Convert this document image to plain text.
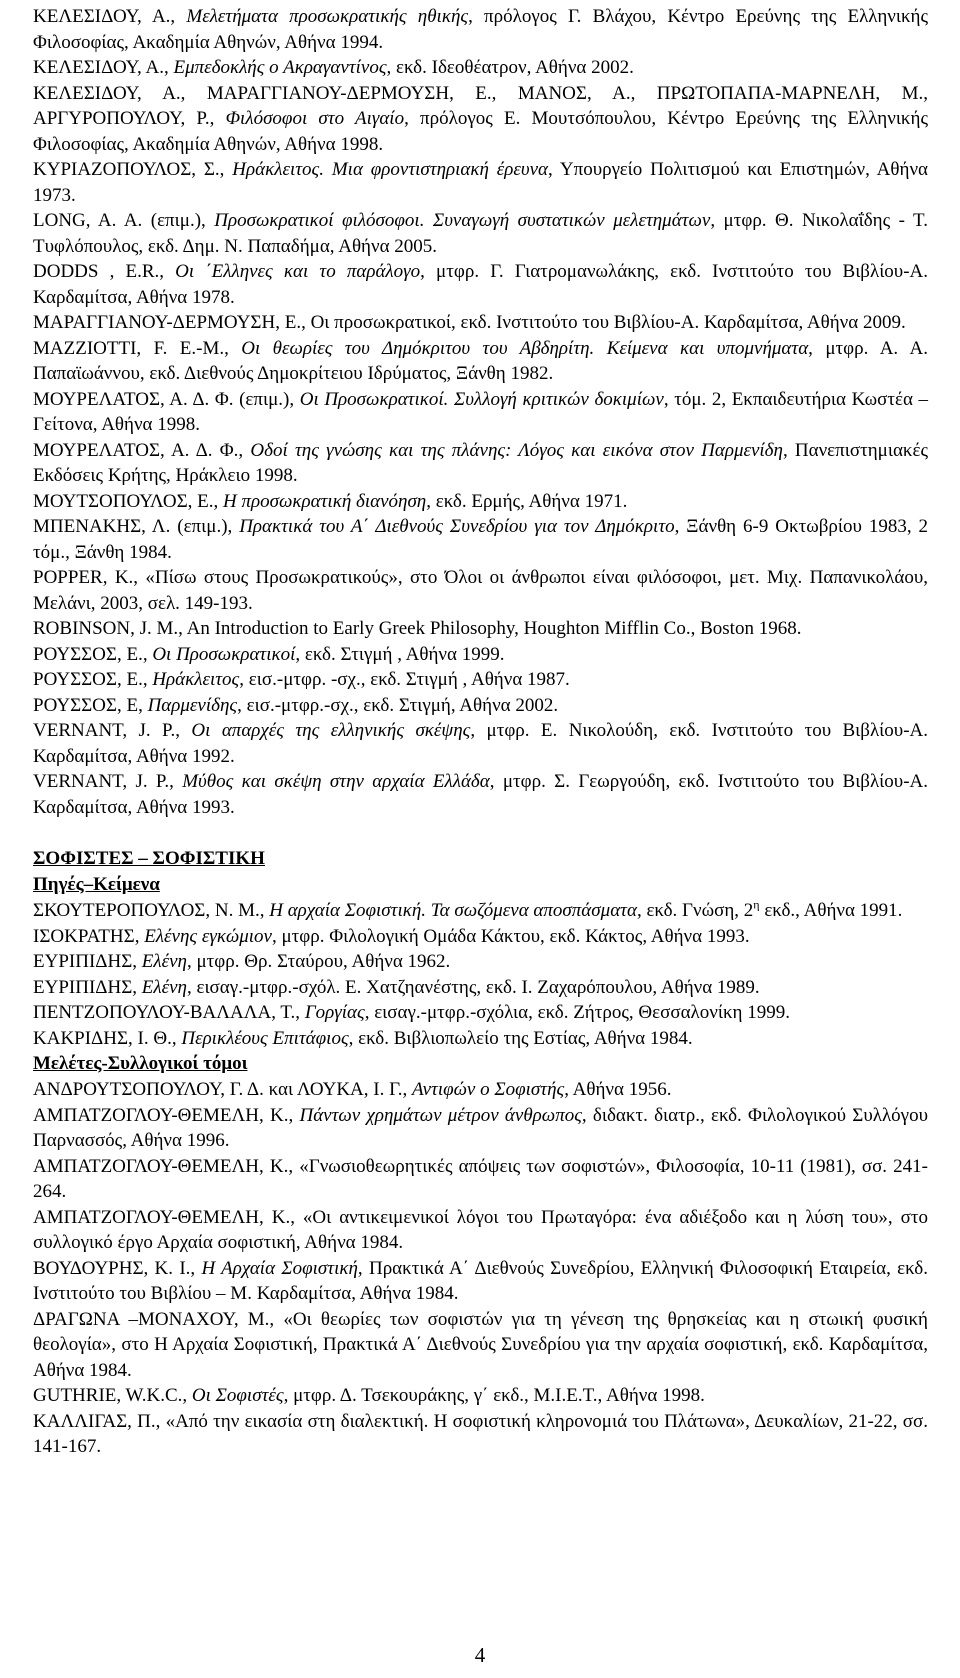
ΚΕΛΕΣΙΔΟΥ, Α., Μελετήματα προσωκρατικής ηθικής, πρόλογος Γ. Βλάχου, Κέντρο Ερεύνης της Ελληνικής Φιλοσοφίας, Ακαδημία Αθηνών, Αθήνα 1994.

ΚΕΛΕΣΙΔΟΥ, Α., Εμπεδοκλής ο Ακραγαντίνος, εκδ. Ιδεοθέατρον, Αθήνα 2002.

ΚΕΛΕΣΙΔΟΥ, Α., ΜΑΡΑΓΓΙΑΝΟΥ-ΔΕΡΜΟΥΣΗ, Ε., ΜΑΝΟΣ, Α., ΠΡΩΤΟΠΑΠΑ-ΜΑΡΝΕΛΗ, Μ., ΑΡΓΥΡΟΠΟΥΛΟΥ, Ρ., Φιλόσοφοι στο Αιγαίο, πρόλογος Ε. Μουτσόπουλου, Κέντρο Ερεύνης της Ελληνικής Φιλοσοφίας, Ακαδημία Αθηνών, Αθήνα 1998.

ΚΥΡΙΑΖΟΠΟΥΛΟΣ, Σ., Ηράκλειτος. Μια φροντιστηριακή έρευνα, Υπουργείο Πολιτισμού και Επιστημών, Αθήνα 1973.

LONG, A. A. (επιμ.), Προσωκρατικοί φιλόσοφοι. Συναγωγή συστατικών μελετημάτων, μτφρ. Θ. Νικολαΐδης - Τ. Τυφλόπουλος, εκδ. Δημ. Ν. Παπαδήμα, Αθήνα 2005.

DODDS , E.R., Οι ΄Ελληνες και το παράλογο, μτφρ. Γ. Γιατρομανωλάκης, εκδ. Ινστιτούτο του Βιβλίου-Α. Καρδαμίτσα, Αθήνα 1978.

ΜΑΡΑΓΓΙΑΝΟΥ-ΔΕΡΜΟΥΣΗ, Ε., Οι προσωκρατικοί, εκδ. Ινστιτούτο του Βιβλίου-Α. Καρδαμίτσα, Αθήνα 2009.

MAZZIOTTI, F. E.-M., Οι θεωρίες του Δημόκριτου του Αβδηρίτη. Κείμενα και υπομνήματα, μτφρ. Α. Α. Παπαϊωάννου, εκδ. Διεθνούς Δημοκρίτειου Ιδρύματος, Ξάνθη 1982.

ΜΟΥΡΕΛΑΤΟΣ, Α. Δ. Φ. (επιμ.), Οι Προσωκρατικοί. Συλλογή κριτικών δοκιμίων, τόμ. 2, Εκπαιδευτήρια Κωστέα – Γείτονα, Αθήνα 1998.

ΜΟΥΡΕΛΑΤΟΣ, Α. Δ. Φ., Οδοί της γνώσης και της πλάνης: Λόγος και εικόνα στον Παρμενίδη, Πανεπιστημιακές Εκδόσεις Κρήτης, Ηράκλειο 1998.

ΜΟΥΤΣΟΠΟΥΛΟΣ, Ε., Η προσωκρατική διανόηση, εκδ. Ερμής, Αθήνα 1971.

ΜΠΕΝΑΚΗΣ, Λ. (επιμ.), Πρακτικά του Α΄ Διεθνούς Συνεδρίου για τον Δημόκριτο, Ξάνθη 6-9 Οκτωβρίου 1983, 2 τόμ., Ξάνθη 1984.

POPPER, K., «Πίσω στους Προσωκρατικούς», στο Όλοι οι άνθρωποι είναι φιλόσοφοι, μετ. Μιχ. Παπανικολάου, Μελάνι, 2003, σελ. 149-193.

ROBINSON, J. M., An Introduction to Early Greek Philosophy, Houghton Mifflin Co., Boston 1968.

ΡΟΥΣΣΟΣ, Ε., Οι Προσωκρατικοί, εκδ. Στιγμή , Αθήνα 1999.

ΡΟΥΣΣΟΣ, Ε., Ηράκλειτος, εισ.-μτφρ. -σχ., εκδ. Στιγμή , Αθήνα 1987.

ΡΟΥΣΣΟΣ, Ε, Παρμενίδης, εισ.-μτφρ.-σχ., εκδ. Στιγμή, Αθήνα 2002.

VERNANT, J. P., Οι απαρχές της ελληνικής σκέψης, μτφρ. Ε. Νικολούδη, εκδ. Ινστιτούτο του Βιβλίου-Α. Καρδαμίτσα, Αθήνα 1992.

VERNANT, J. P., Μύθος και σκέψη στην αρχαία Ελλάδα, μτφρ. Σ. Γεωργούδη, εκδ. Ινστιτούτο του Βιβλίου-Α. Καρδαμίτσα, Αθήνα 1993.

ΣΟΦΙΣΤΕΣ – ΣΟΦΙΣΤΙΚΗ

Πηγές–Κείμενα

ΣΚΟΥΤΕΡΟΠΟΥΛΟΣ, Ν. Μ., Η αρχαία Σοφιστική. Τα σωζόμενα αποσπάσματα, εκδ. Γνώση, $2^\eta$ εκδ., Αθήνα 1991.

ΙΣΟΚΡΑΤΗΣ, Ελένης εγκώμιον, μτφρ. Φιλολογική Ομάδα Κάκτου, εκδ. Κάκτος, Αθήνα 1993.

ΕΥΡΙΠΙΔΗΣ, Ελένη, μτφρ. Θρ. Σταύρου, Αθήνα 1962.

ΕΥΡΙΠΙΔΗΣ, Ελένη, εισαγ.-μτφρ.-σχόλ. Ε. Χατζηανέστης, εκδ. Ι. Ζαχαρόπουλου, Αθήνα 1989.

ΠΕΝΤΖΟΠΟΥΛΟΥ-ΒΑΛΑΛΑ, Τ., Γοργίας, εισαγ.-μτφρ.-σχόλια, εκδ. Ζήτρος, Θεσσαλονίκη 1999.

ΚΑΚΡΙΔΗΣ, Ι. Θ., Περικλέους Επιτάφιος, εκδ. Βιβλιοπωλείο της Εστίας, Αθήνα 1984.

Μελέτες-Συλλογικοί τόμοι

ΑΝΔΡΟΥΤΣΟΠΟΥΛΟΥ, Γ. Δ. και ΛΟΥΚΑ, Ι. Γ., Αντιφών ο Σοφιστής, Αθήνα 1956.

ΑΜΠΑΤΖΟΓΛΟΥ-ΘΕΜΕΛΗ, Κ., Πάντων χρημάτων μέτρον άνθρωπος, διδακτ. διατρ., εκδ. Φιλολογικού Συλλόγου Παρνασσός, Αθήνα 1996.

ΑΜΠΑΤΖΟΓΛΟΥ-ΘΕΜΕΛΗ, Κ., «Γνωσιοθεωρητικές απόψεις των σοφιστών», Φιλοσοφία, 10-11 (1981), σσ. 241-264.

ΑΜΠΑΤΖΟΓΛΟΥ-ΘΕΜΕΛΗ, Κ., «Οι αντικειμενικοί λόγοι του Πρωταγόρα: ένα αδιέξοδο και η λύση του», στο συλλογικό έργο Αρχαία σοφιστική, Αθήνα 1984.

ΒΟΥΔΟΥΡΗΣ, Κ. Ι., Η Αρχαία Σοφιστική, Πρακτικά Α΄ Διεθνούς Συνεδρίου, Ελληνική Φιλοσοφική Εταιρεία, εκδ. Ινστιτούτο του Βιβλίου – Μ. Καρδαμίτσα, Αθήνα 1984.

ΔΡΑΓΩΝΑ –ΜΟΝΑΧΟΥ, Μ., «Οι θεωρίες των σοφιστών για τη γένεση της θρησκείας και η στωική φυσική θεολογία», στο Η Αρχαία Σοφιστική, Πρακτικά Α΄ Διεθνούς Συνεδρίου για την αρχαία σοφιστική, εκδ. Καρδαμίτσα, Αθήνα 1984.

GUTHRIE, W.K.C., Οι Σοφιστές, μτφρ. Δ. Τσεκουράκης, γ΄ εκδ., Μ.Ι.Ε.Τ., Αθήνα 1998.

ΚΑΛΛΙΓΑΣ, Π., «Από την εικασία στη διαλεκτική. Η σοφιστική κληρονομιά του Πλάτωνα», Δευκαλίων, 21-22, σσ. 141-167.

4
